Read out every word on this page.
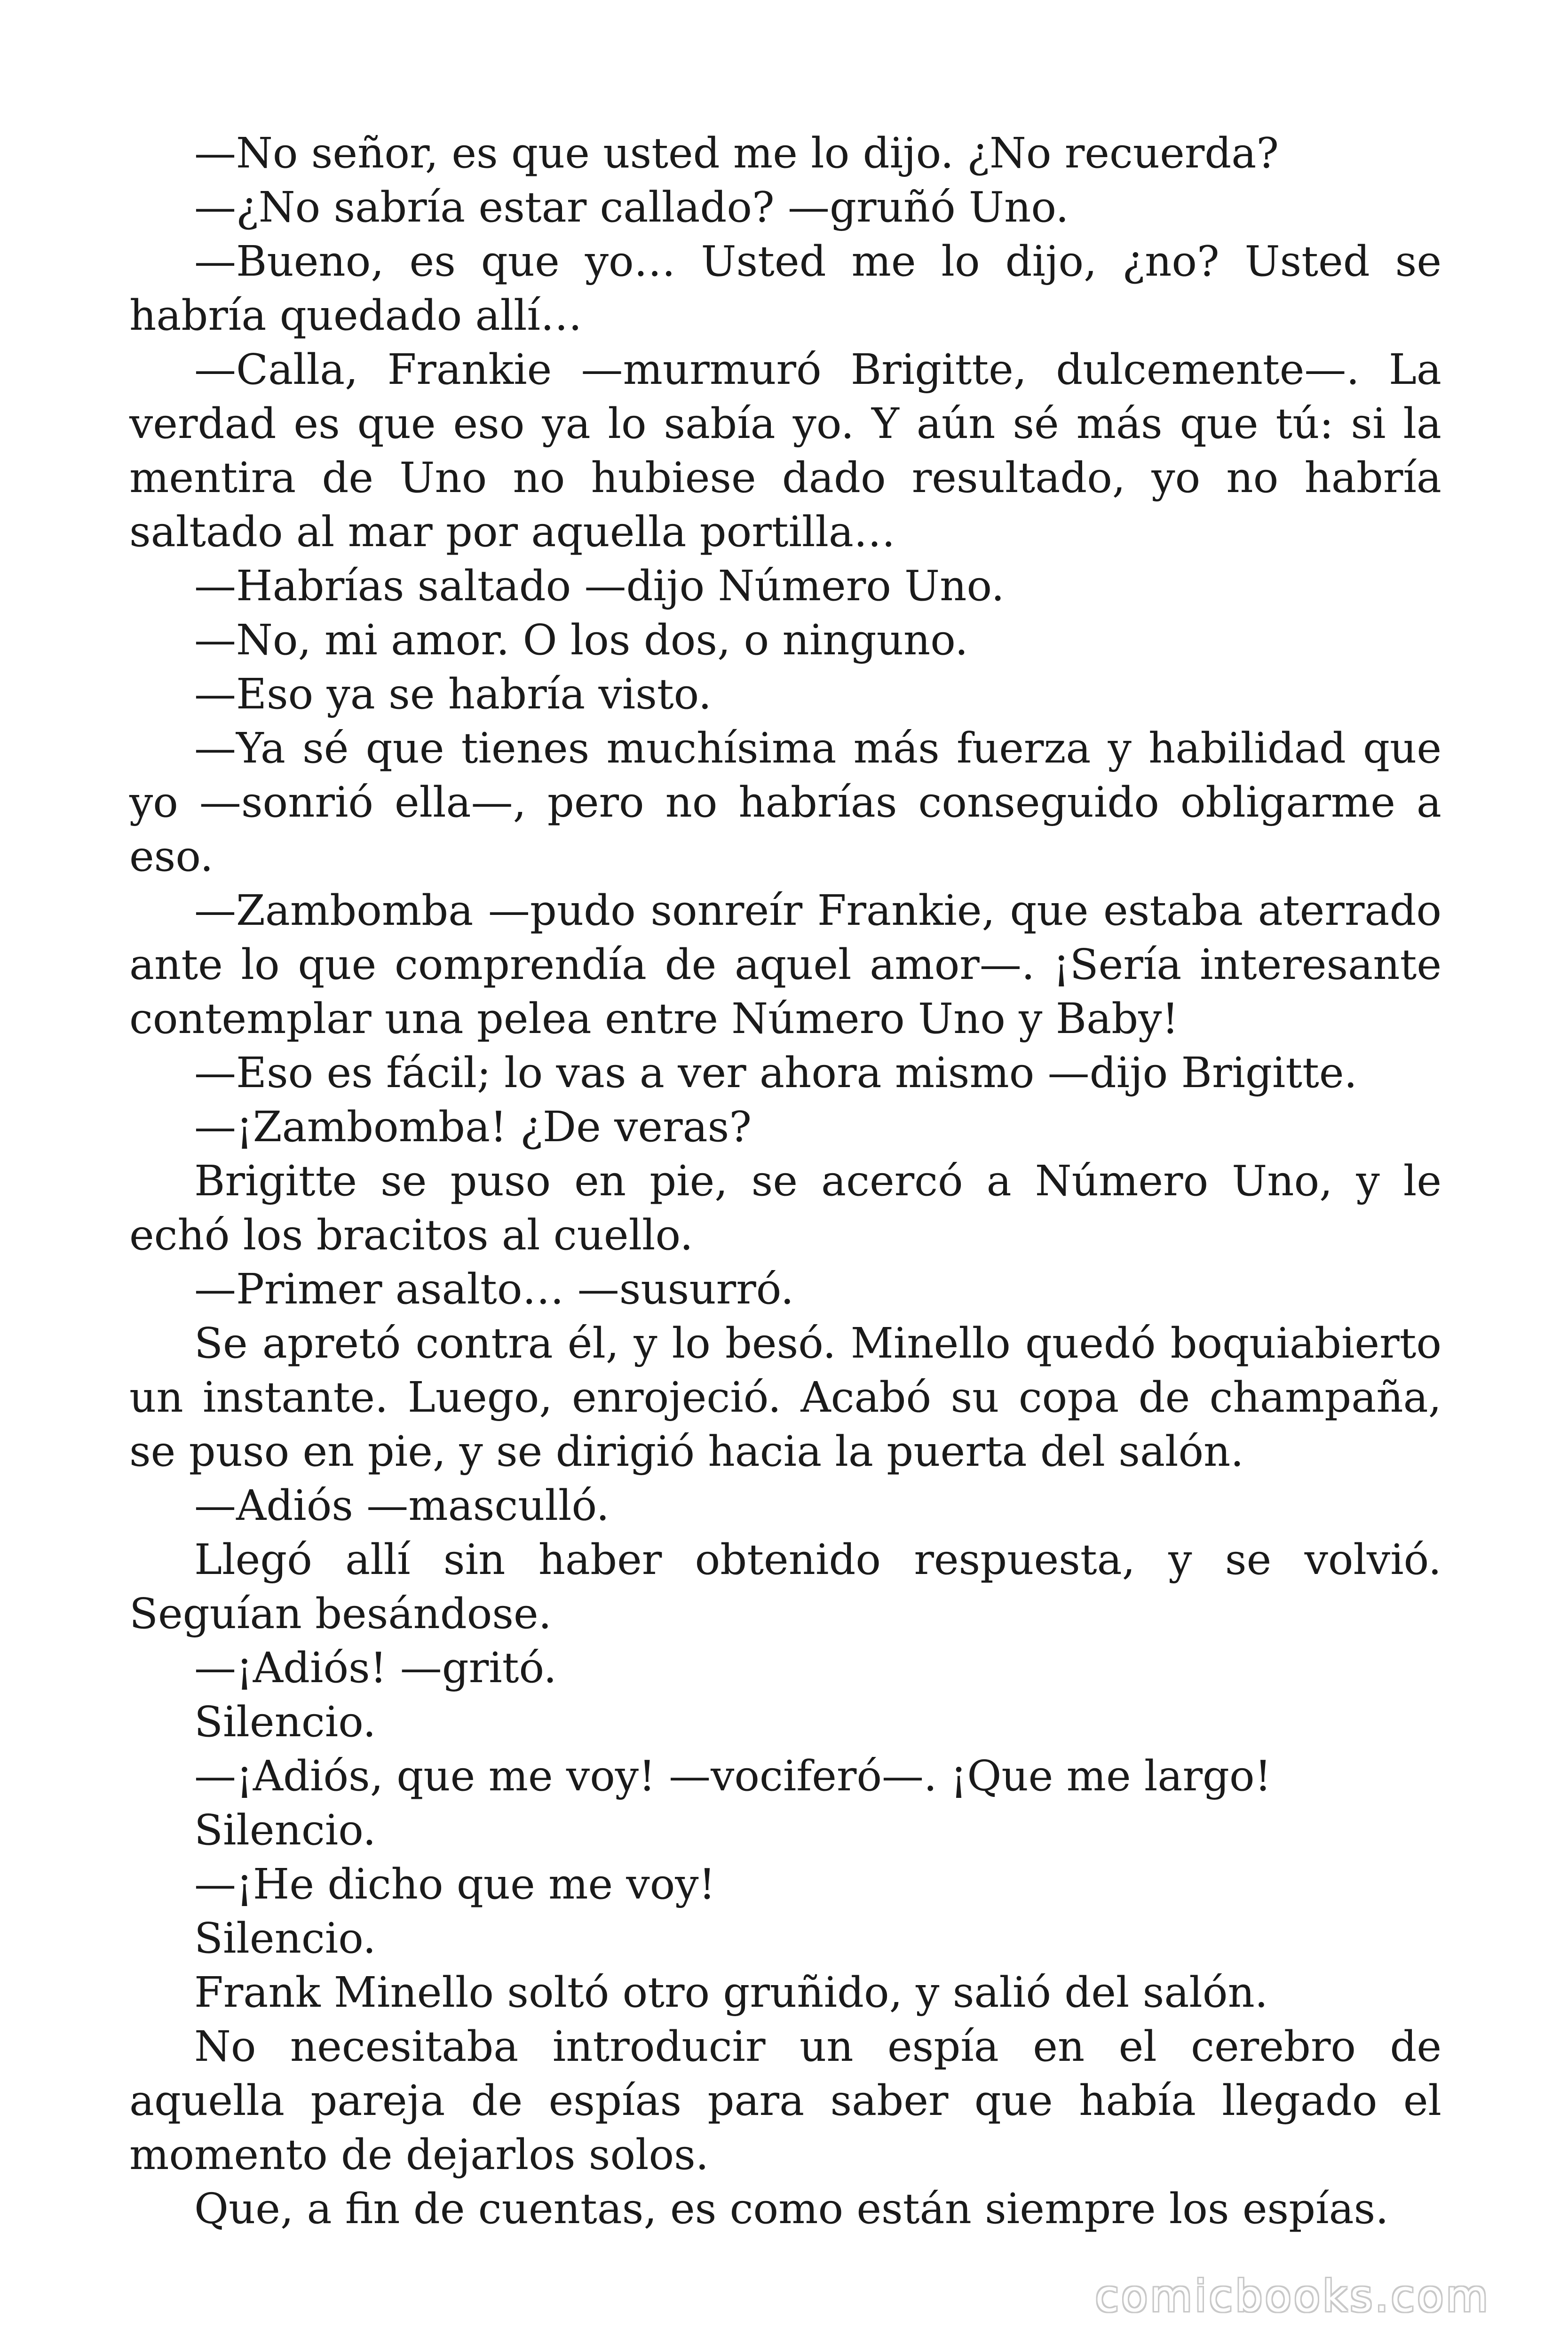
—No señor, es que usted me lo dijo. ¿No recuerda?

—¿No sabría estar callado? —gruñó Uno.

—Bueno, es que yo… Usted me lo dijo, ¿no? Usted se habría quedado allí…

—Calla, Frankie —murmuró Brigitte, dulcemente—. La verdad es que eso ya lo sabía yo. Y aún sé más que tú: si la mentira de Uno no hubiese dado resultado, yo no habría saltado al mar por aquella portilla…

—Habrías saltado —dijo Número Uno.

—No, mi amor. O los dos, o ninguno.

—Eso ya se habría visto.

—Ya sé que tienes muchísima más fuerza y habilidad que yo —sonrió ella—, pero no habrías conseguido obligarme a eso.

—Zambomba —pudo sonreír Frankie, que estaba aterrado ante lo que comprendía de aquel amor—. ¡Sería interesante contemplar una pelea entre Número Uno y Baby!

—Eso es fácil; lo vas a ver ahora mismo —dijo Brigitte.

—¡Zambomba! ¿De veras?

Brigitte se puso en pie, se acercó a Número Uno, y le echó los bracitos al cuello.

—Primer asalto… —susurró.

Se apretó contra él, y lo besó. Minello quedó boquiabierto un instante. Luego, enrojeció. Acabó su copa de champaña, se puso en pie, y se dirigió hacia la puerta del salón.

—Adiós —masculló.

Llegó allí sin haber obtenido respuesta, y se volvió. Seguían besándose.

—¡Adiós! —gritó.

Silencio.

—¡Adiós, que me voy! —vociferó—. ¡Que me largo!

Silencio.

—¡He dicho que me voy!

Silencio.

Frank Minello soltó otro gruñido, y salió del salón.

No necesitaba introducir un espía en el cerebro de aquella pareja de espías para saber que había llegado el momento de dejarlos solos.

Que, a fin de cuentas, es como están siempre los espías.

comicbooks.com
